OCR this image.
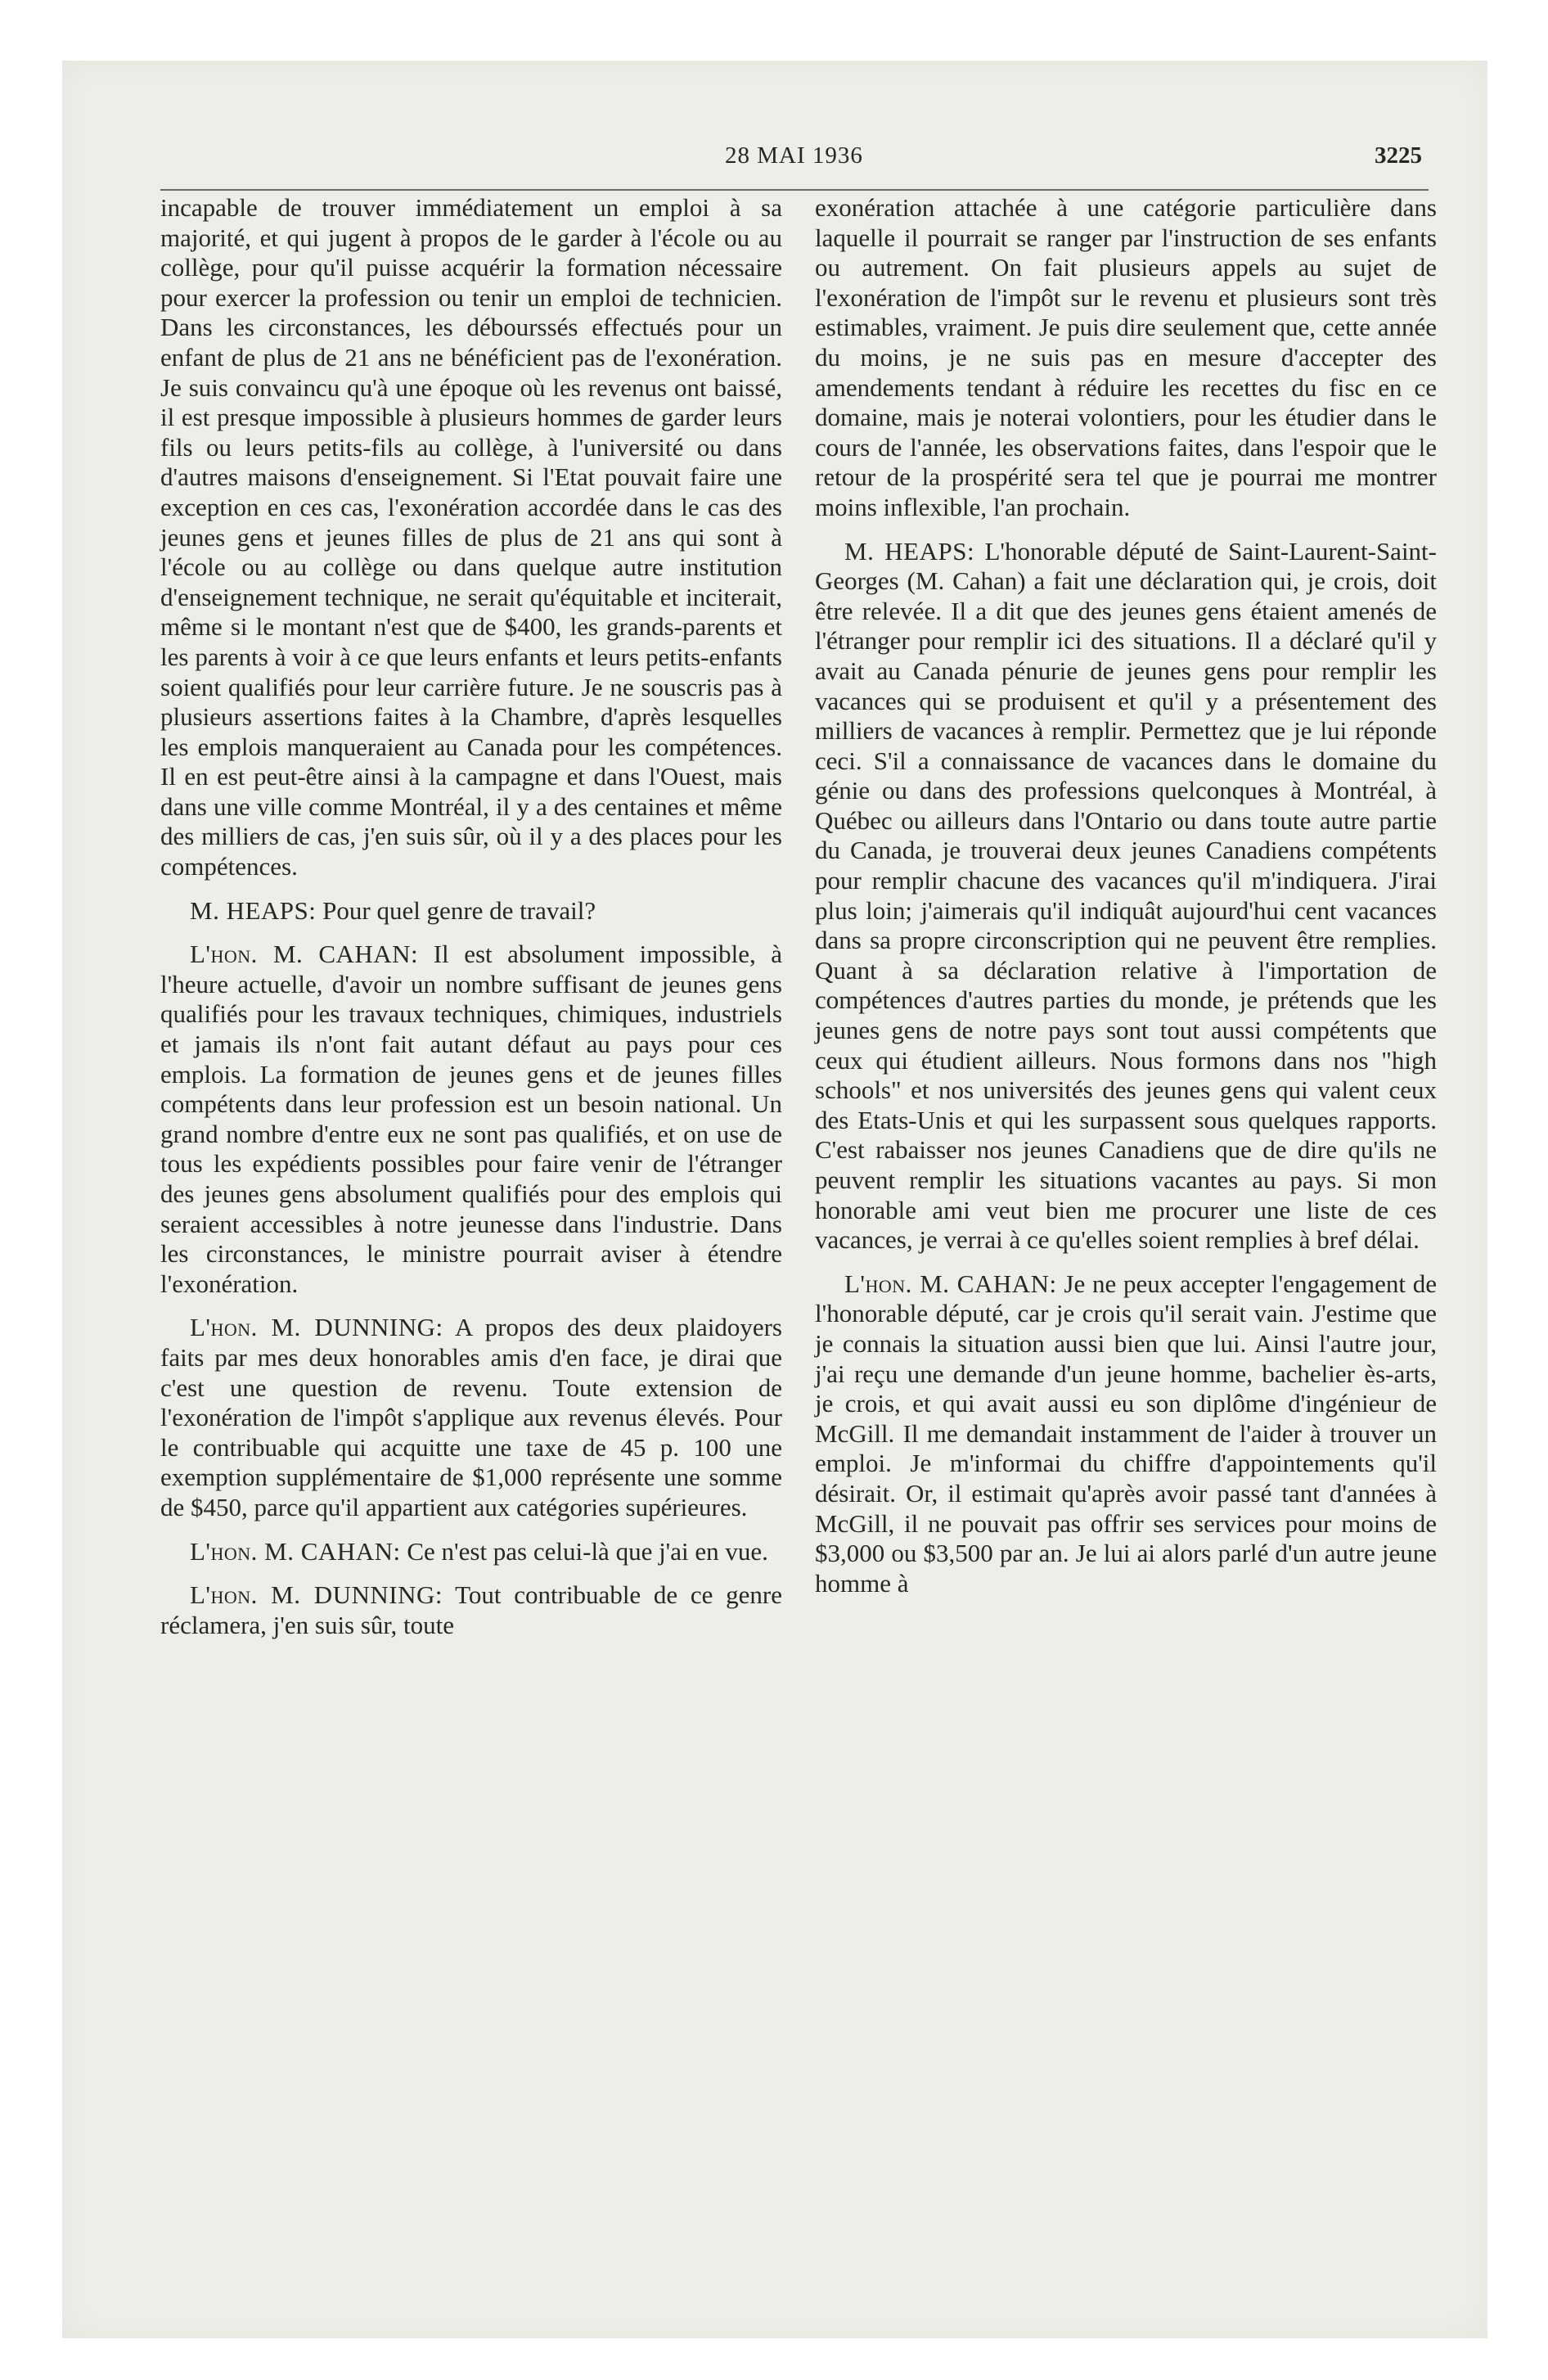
28 MAI 1936	3225

incapable de trouver immédiatement un emploi à sa majorité, et qui jugent à propos de le garder à l'école ou au collège, pour qu'il puisse acquérir la formation nécessaire pour exercer la profession ou tenir un emploi de technicien. Dans les circonstances, les débourssés effectués pour un enfant de plus de 21 ans ne bénéficient pas de l'exonération. Je suis convaincu qu'à une époque où les revenus ont baissé, il est presque impossible à plusieurs hommes de garder leurs fils ou leurs petits-fils au collège, à l'université ou dans d'autres maisons d'enseignement. Si l'Etat pouvait faire une exception en ces cas, l'exonération accordée dans le cas des jeunes gens et jeunes filles de plus de 21 ans qui sont à l'école ou au collège ou dans quelque autre institution d'enseignement technique, ne serait qu'équitable et inciterait, même si le montant n'est que de $400, les grands-parents et les parents à voir à ce que leurs enfants et leurs petits-enfants soient qualifiés pour leur carrière future. Je ne souscris pas à plusieurs assertions faites à la Chambre, d'après lesquelles les emplois manqueraient au Canada pour les compétences. Il en est peut-être ainsi à la campagne et dans l'Ouest, mais dans une ville comme Montréal, il y a des centaines et même des milliers de cas, j'en suis sûr, où il y a des places pour les compétences.

M. HEAPS: Pour quel genre de travail?

L'hon. M. CAHAN: Il est absolument impossible, à l'heure actuelle, d'avoir un nombre suffisant de jeunes gens qualifiés pour les travaux techniques, chimiques, industriels et jamais ils n'ont fait autant défaut au pays pour ces emplois. La formation de jeunes gens et de jeunes filles compétents dans leur profession est un besoin national. Un grand nombre d'entre eux ne sont pas qualifiés, et on use de tous les expédients possibles pour faire venir de l'étranger des jeunes gens absolument qualifiés pour des emplois qui seraient accessibles à notre jeunesse dans l'industrie. Dans les circonstances, le ministre pourrait aviser à étendre l'exonération.

L'hon. M. DUNNING: A propos des deux plaidoyers faits par mes deux honorables amis d'en face, je dirai que c'est une question de revenu. Toute extension de l'exonération de l'impôt s'applique aux revenus élevés. Pour le contribuable qui acquitte une taxe de 45 p. 100 une exemption supplémentaire de $1,000 représente une somme de $450, parce qu'il appartient aux catégories supérieures.

L'hon. M. CAHAN: Ce n'est pas celui-là que j'ai en vue.

L'hon. M. DUNNING: Tout contribuable de ce genre réclamera, j'en suis sûr, toute

exonération attachée à une catégorie particulière dans laquelle il pourrait se ranger par l'instruction de ses enfants ou autrement. On fait plusieurs appels au sujet de l'exonération de l'impôt sur le revenu et plusieurs sont très estimables, vraiment. Je puis dire seulement que, cette année du moins, je ne suis pas en mesure d'accepter des amendements tendant à réduire les recettes du fisc en ce domaine, mais je noterai volontiers, pour les étudier dans le cours de l'année, les observations faites, dans l'espoir que le retour de la prospérité sera tel que je pourrai me montrer moins inflexible, l'an prochain.

M. HEAPS: L'honorable député de Saint-Laurent-Saint-Georges (M. Cahan) a fait une déclaration qui, je crois, doit être relevée. Il a dit que des jeunes gens étaient amenés de l'étranger pour remplir ici des situations. Il a déclaré qu'il y avait au Canada pénurie de jeunes gens pour remplir les vacances qui se produisent et qu'il y a présentement des milliers de vacances à remplir. Permettez que je lui réponde ceci. S'il a connaissance de vacances dans le domaine du génie ou dans des professions quelconques à Montréal, à Québec ou ailleurs dans l'Ontario ou dans toute autre partie du Canada, je trouverai deux jeunes Canadiens compétents pour remplir chacune des vacances qu'il m'indiquera. J'irai plus loin; j'aimerais qu'il indiquât aujourd'hui cent vacances dans sa propre circonscription qui ne peuvent être remplies. Quant à sa déclaration relative à l'importation de compétences d'autres parties du monde, je prétends que les jeunes gens de notre pays sont tout aussi compétents que ceux qui étudient ailleurs. Nous formons dans nos "high schools" et nos universités des jeunes gens qui valent ceux des Etats-Unis et qui les surpassent sous quelques rapports. C'est rabaisser nos jeunes Canadiens que de dire qu'ils ne peuvent remplir les situations vacantes au pays. Si mon honorable ami veut bien me procurer une liste de ces vacances, je verrai à ce qu'elles soient remplies à bref délai.

L'hon. M. CAHAN: Je ne peux accepter l'engagement de l'honorable député, car je crois qu'il serait vain. J'estime que je connais la situation aussi bien que lui. Ainsi l'autre jour, j'ai reçu une demande d'un jeune homme, bachelier ès-arts, je crois, et qui avait aussi eu son diplôme d'ingénieur de McGill. Il me demandait instamment de l'aider à trouver un emploi. Je m'informai du chiffre d'appointements qu'il désirait. Or, il estimait qu'après avoir passé tant d'années à McGill, il ne pouvait pas offrir ses services pour moins de $3,000 ou $3,500 par an. Je lui ai alors parlé d'un autre jeune homme à
